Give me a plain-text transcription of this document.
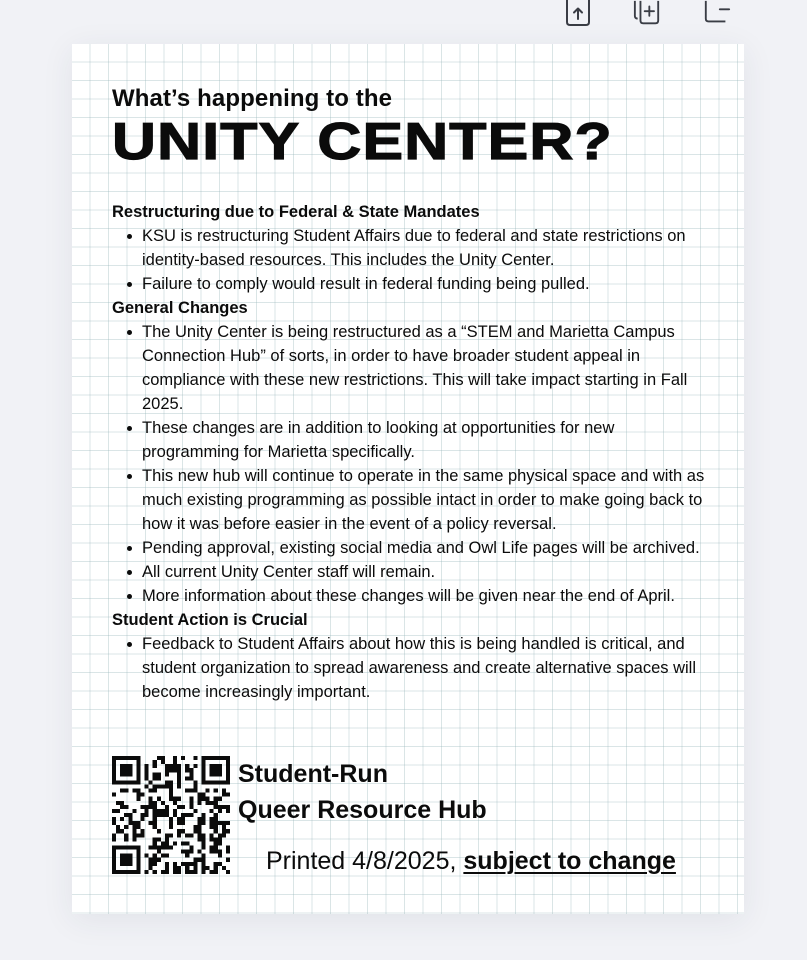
What’s happening to the
UNITY CENTER?
Restructuring due to Federal & State Mandates
KSU is restructuring Student Affairs due to federal and state restrictions on identity-based resources. This includes the Unity Center.
Failure to comply would result in federal funding being pulled.
General Changes
The Unity Center is being restructured as a “STEM and Marietta Campus Connection Hub” of sorts, in order to have broader student appeal in compliance with these new restrictions. This will take impact starting in Fall 2025.
These changes are in addition to looking at opportunities for new programming for Marietta specifically.
This new hub will continue to operate in the same physical space and with as much existing programming as possible intact in order to make going back to how it was before easier in the event of a policy reversal.
Pending approval, existing social media and Owl Life pages will be archived.
All current Unity Center staff will remain.
More information about these changes will be given near the end of April.
Student Action is Crucial
Feedback to Student Affairs about how this is being handled is critical, and student organization to spread awareness and create alternative spaces will become increasingly important.
Student-Run
Queer Resource Hub
Printed 4/8/2025, subject to change
